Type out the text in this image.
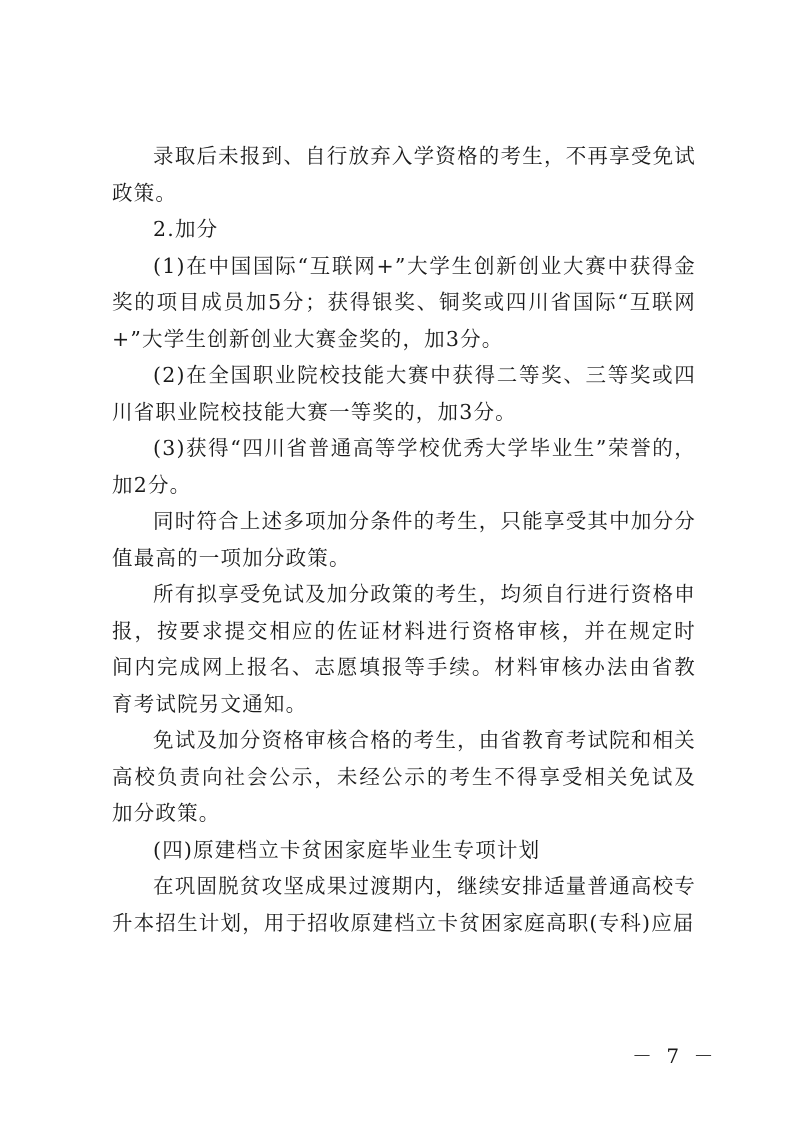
录取后未报到、自行放弃入学资格的考生，不再享受免试政策。

2.加分

(1)在中国国际“互联网+”大学生创新创业大赛中获得金奖的项目成员加5分；获得银奖、铜奖或四川省国际“互联网+”大学生创新创业大赛金奖的，加3分。

(2)在全国职业院校技能大赛中获得二等奖、三等奖或四川省职业院校技能大赛一等奖的，加3分。

(3)获得“四川省普通高等学校优秀大学毕业生”荣誉的，加2分。

同时符合上述多项加分条件的考生，只能享受其中加分分值最高的一项加分政策。

所有拟享受免试及加分政策的考生，均须自行进行资格申报，按要求提交相应的佐证材料进行资格审核，并在规定时间内完成网上报名、志愿填报等手续。材料审核办法由省教育考试院另文通知。

免试及加分资格审核合格的考生，由省教育考试院和相关高校负责向社会公示，未经公示的考生不得享受相关免试及加分政策。

(四)原建档立卡贫困家庭毕业生专项计划

在巩固脱贫攻坚成果过渡期内，继续安排适量普通高校专升本招生计划，用于招收原建档立卡贫困家庭高职(专科)应届

－ 7 －
